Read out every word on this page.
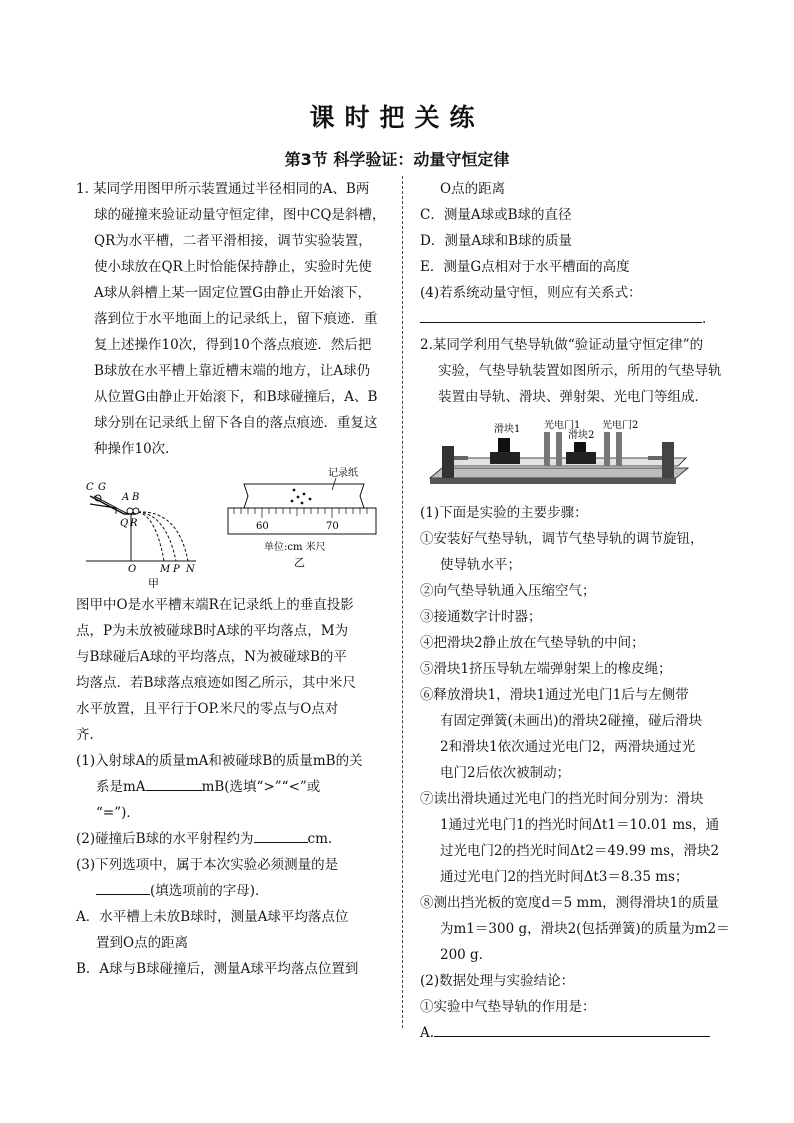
课时把关练
第3节 科学验证：动量守恒定律

1. 某同学用图甲所示装置通过半径相同的A、B两

球的碰撞来验证动量守恒定律，图中CQ是斜槽，

QR为水平槽，二者平滑相接，调节实验装置，

使小球放在QR上时恰能保持静止，实验时先使

A球从斜槽上某一固定位置G由静止开始滚下，

落到位于水平地面上的记录纸上，留下痕迹．重

复上述操作10次，得到10个落点痕迹．然后把

B球放在水平槽上靠近槽末端的地方，让A球仍

从位置G由静止开始滚下，和B球碰撞后，A、B

球分别在记录纸上留下各自的落点痕迹．重复这

种操作10次．

C G
A B
Q R
O M P N
甲
记录纸
60	70
单位:cm 米尺
乙

图甲中O是水平槽末端R在记录纸上的垂直投影

点，P为未放被碰球B时A球的平均落点，M为

与B球碰后A球的平均落点，N为被碰球B的平

均落点．若B球落点痕迹如图乙所示，其中米尺

水平放置，且平行于OP.米尺的零点与O点对

齐．

(1)入射球A的质量mA和被碰球B的质量mB的关

系是mA	mB(选填“>”“<”或

“=”)．

(2)碰撞后B球的水平射程约为	cm.

(3)下列选项中，属于本次实验必须测量的是

(填选项前的字母)．

A．水平槽上未放B球时，测量A球平均落点位

置到O点的距离

B．A球与B球碰撞后，测量A球平均落点位置到

O点的距离

C．测量A球或B球的直径

D．测量A球和B球的质量

E．测量G点相对于水平槽面的高度

(4)若系统动量守恒，则应有关系式：

.

2.某同学利用气垫导轨做“验证动量守恒定律”的

实验，气垫导轨装置如图所示，所用的气垫导轨

装置由导轨、滑块、弹射架、光电门等组成．

滑块1 光电门1
滑块2
光电门2

(1)下面是实验的主要步骤：

①安装好气垫导轨，调节气垫导轨的调节旋钮，

使导轨水平；

②向气垫导轨通入压缩空气；

③接通数字计时器；

④把滑块2静止放在气垫导轨的中间；

⑤滑块1挤压导轨左端弹射架上的橡皮绳；

⑥释放滑块1，滑块1通过光电门1后与左侧带

有固定弹簧(未画出)的滑块2碰撞，碰后滑块

2和滑块1依次通过光电门2，两滑块通过光

电门2后依次被制动；

⑦读出滑块通过光电门的挡光时间分别为：滑块

1通过光电门1的挡光时间Δt1＝10.01 ms，通

过光电门2的挡光时间Δt2＝49.99 ms，滑块2

通过光电门2的挡光时间Δt3＝8.35 ms；

⑧测出挡光板的宽度d＝5 mm，测得滑块1的质量

为m1＝300 g，滑块2(包括弹簧)的质量为m2＝

200 g．

(2)数据处理与实验结论：

①实验中气垫导轨的作用是：

A.
